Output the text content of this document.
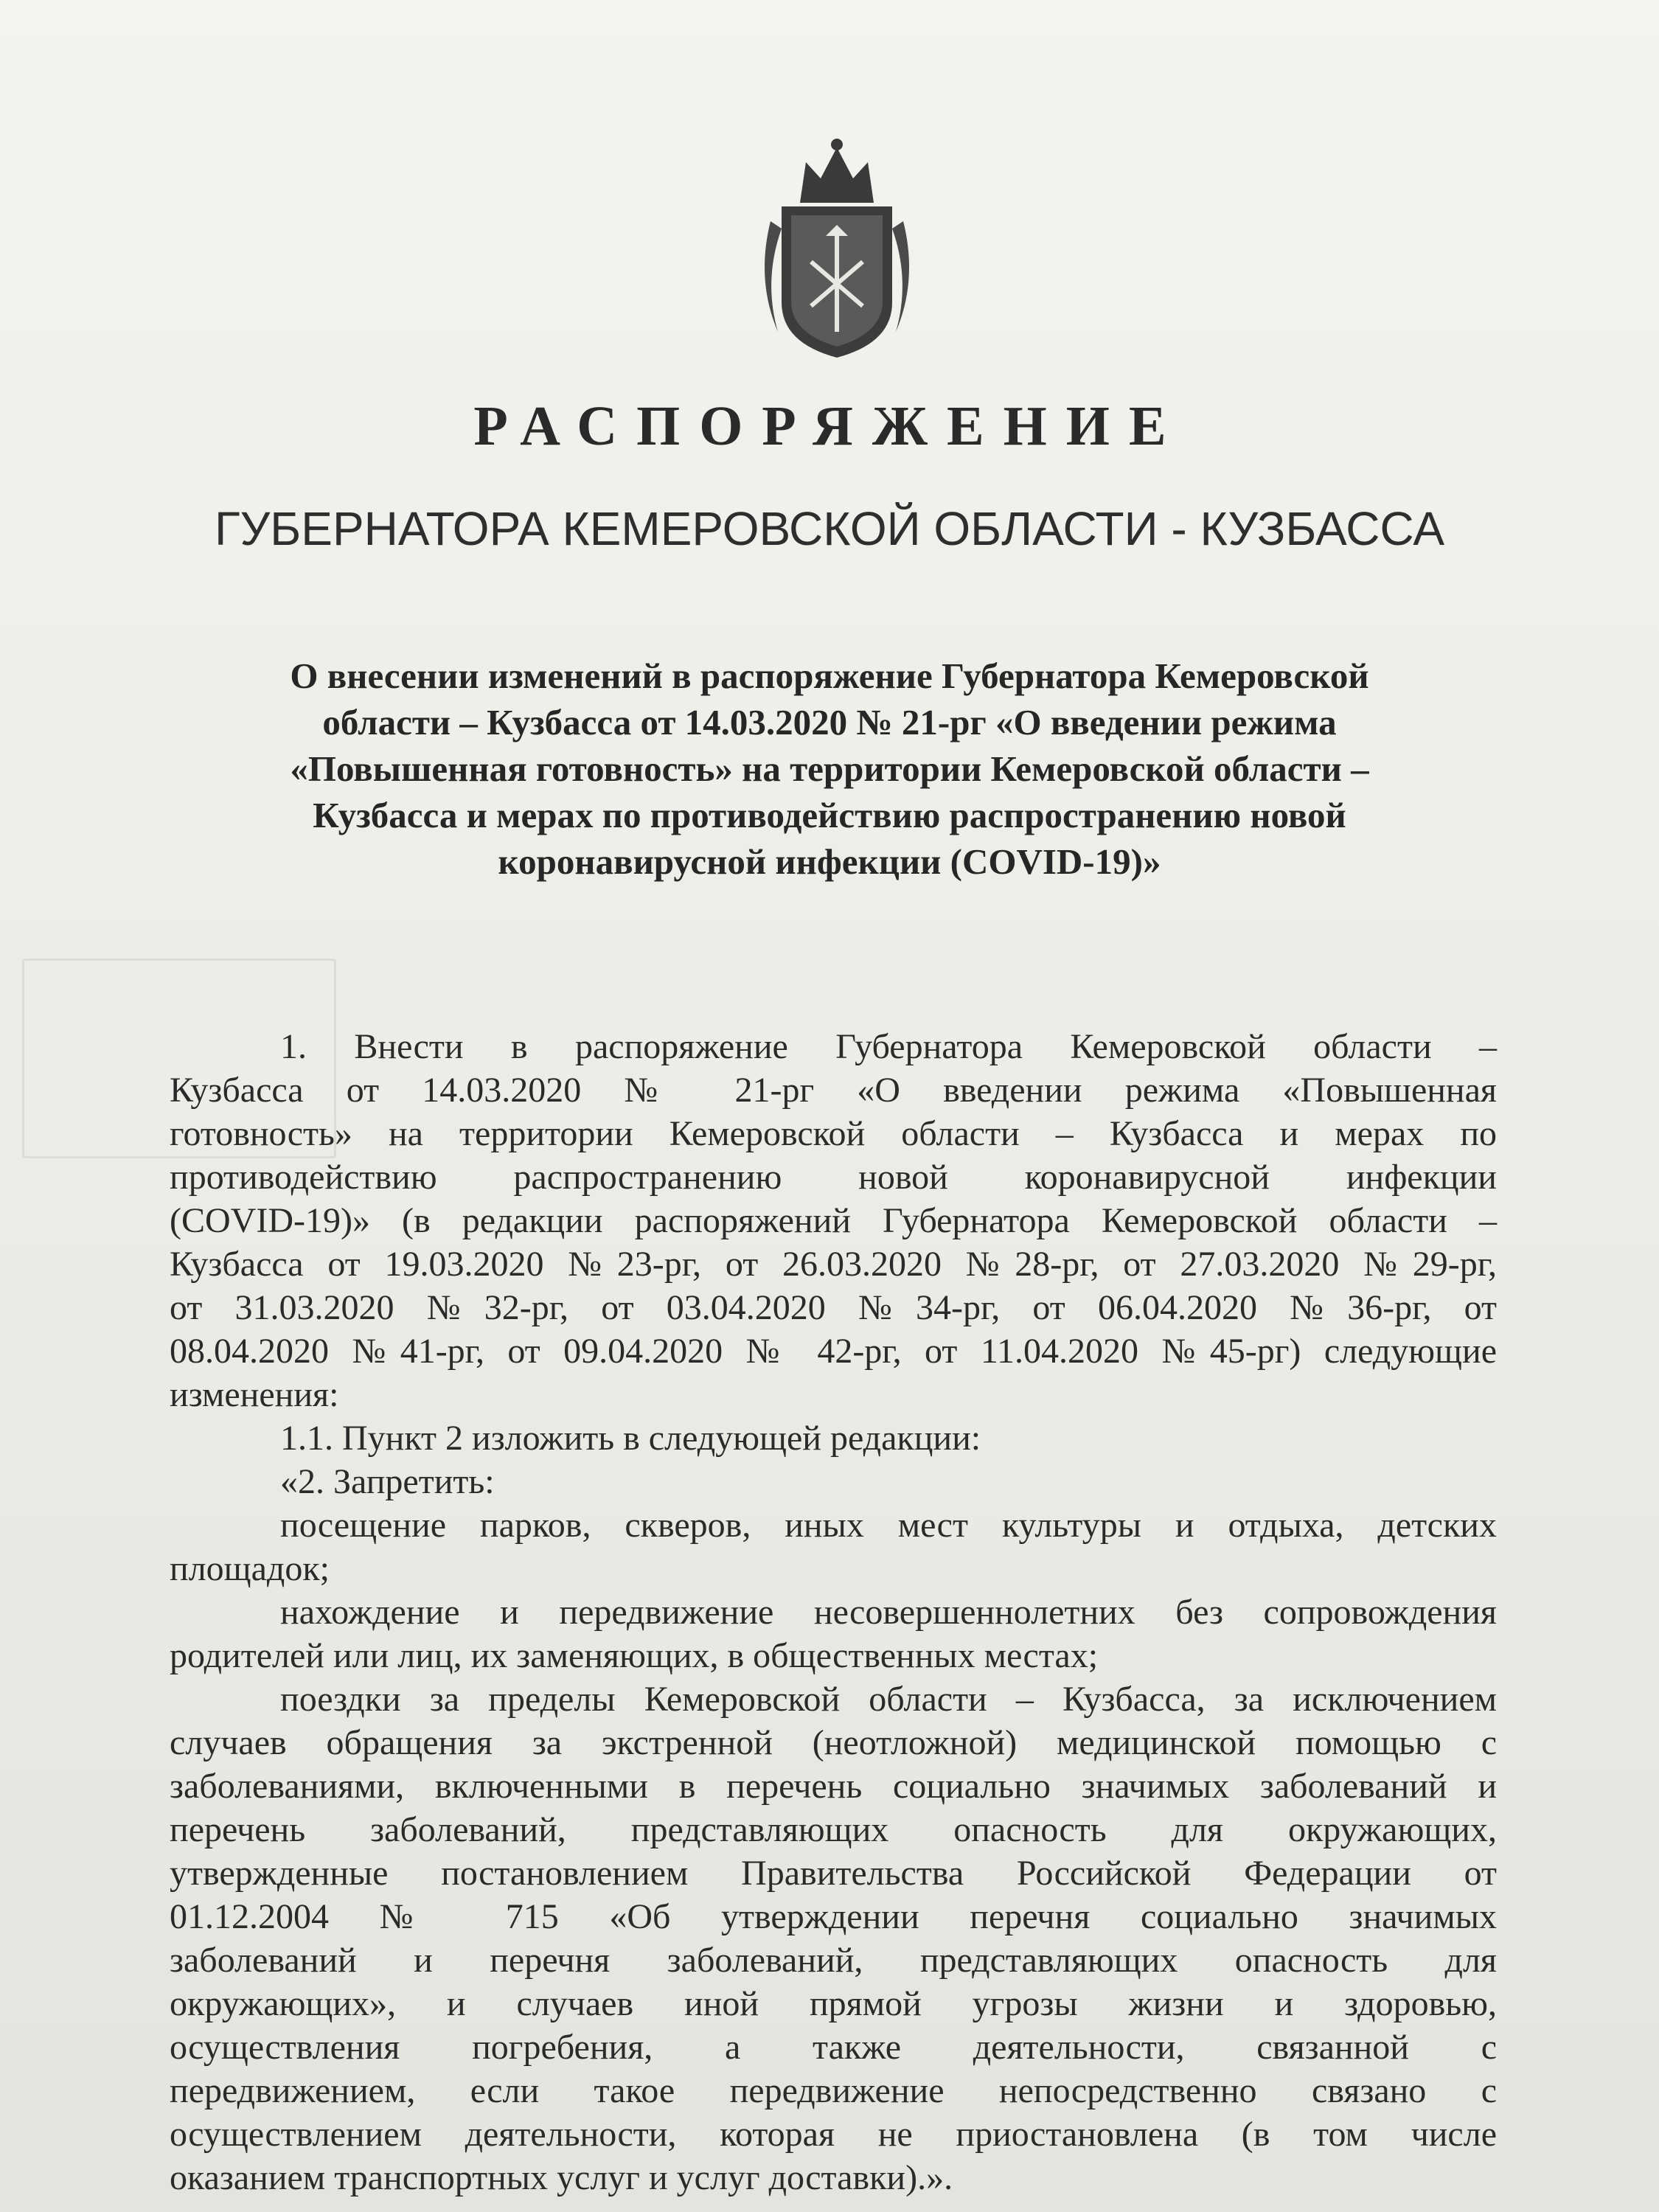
РАСПОРЯЖЕНИЕ
ГУБЕРНАТОРА КЕМЕРОВСКОЙ ОБЛАСТИ - КУЗБАССА
О внесении изменений в распоряжение Губернатора Кемеровской
области – Кузбасса от 14.03.2020 № 21-рг «О введении режима
«Повышенная готовность» на территории Кемеровской области –
Кузбасса и мерах по противодействию распространению новой
коронавирусной инфекции (COVID-19)»
1. Внести в распоряжение Губернатора Кемеровской области –
Кузбасса от 14.03.2020 № 21-рг «О введении режима «Повышенная
готовность» на территории Кемеровской области – Кузбасса и мерах по
противодействию распространению новой коронавирусной инфекции
(COVID-19)» (в редакции распоряжений Губернатора Кемеровской области –
Кузбасса от 19.03.2020 №23-рг, от 26.03.2020 №28-рг, от 27.03.2020 №29-рг,
от 31.03.2020 №32-рг, от 03.04.2020 №34-рг, от 06.04.2020 №36-рг, от
08.04.2020 №41-рг, от 09.04.2020 № 42-рг, от 11.04.2020 №45-рг) следующие
изменения:
1.1. Пункт 2 изложить в следующей редакции:
«2. Запретить:
посещение парков, скверов, иных мест культуры и отдыха, детских
площадок;
нахождение и передвижение несовершеннолетних без сопровождения
родителей или лиц, их заменяющих, в общественных местах;
поездки за пределы Кемеровской области – Кузбасса, за исключением
случаев обращения за экстренной (неотложной) медицинской помощью с
заболеваниями, включенными в перечень социально значимых заболеваний и
перечень заболеваний, представляющих опасность для окружающих,
утвержденные постановлением Правительства Российской Федерации от
01.12.2004 № 715 «Об утверждении перечня социально значимых
заболеваний и перечня заболеваний, представляющих опасность для
окружающих», и случаев иной прямой угрозы жизни и здоровью,
осуществления погребения, а также деятельности, связанной с
передвижением, если такое передвижение непосредственно связано с
осуществлением деятельности, которая не приостановлена (в том числе
оказанием транспортных услуг и услуг доставки).».
